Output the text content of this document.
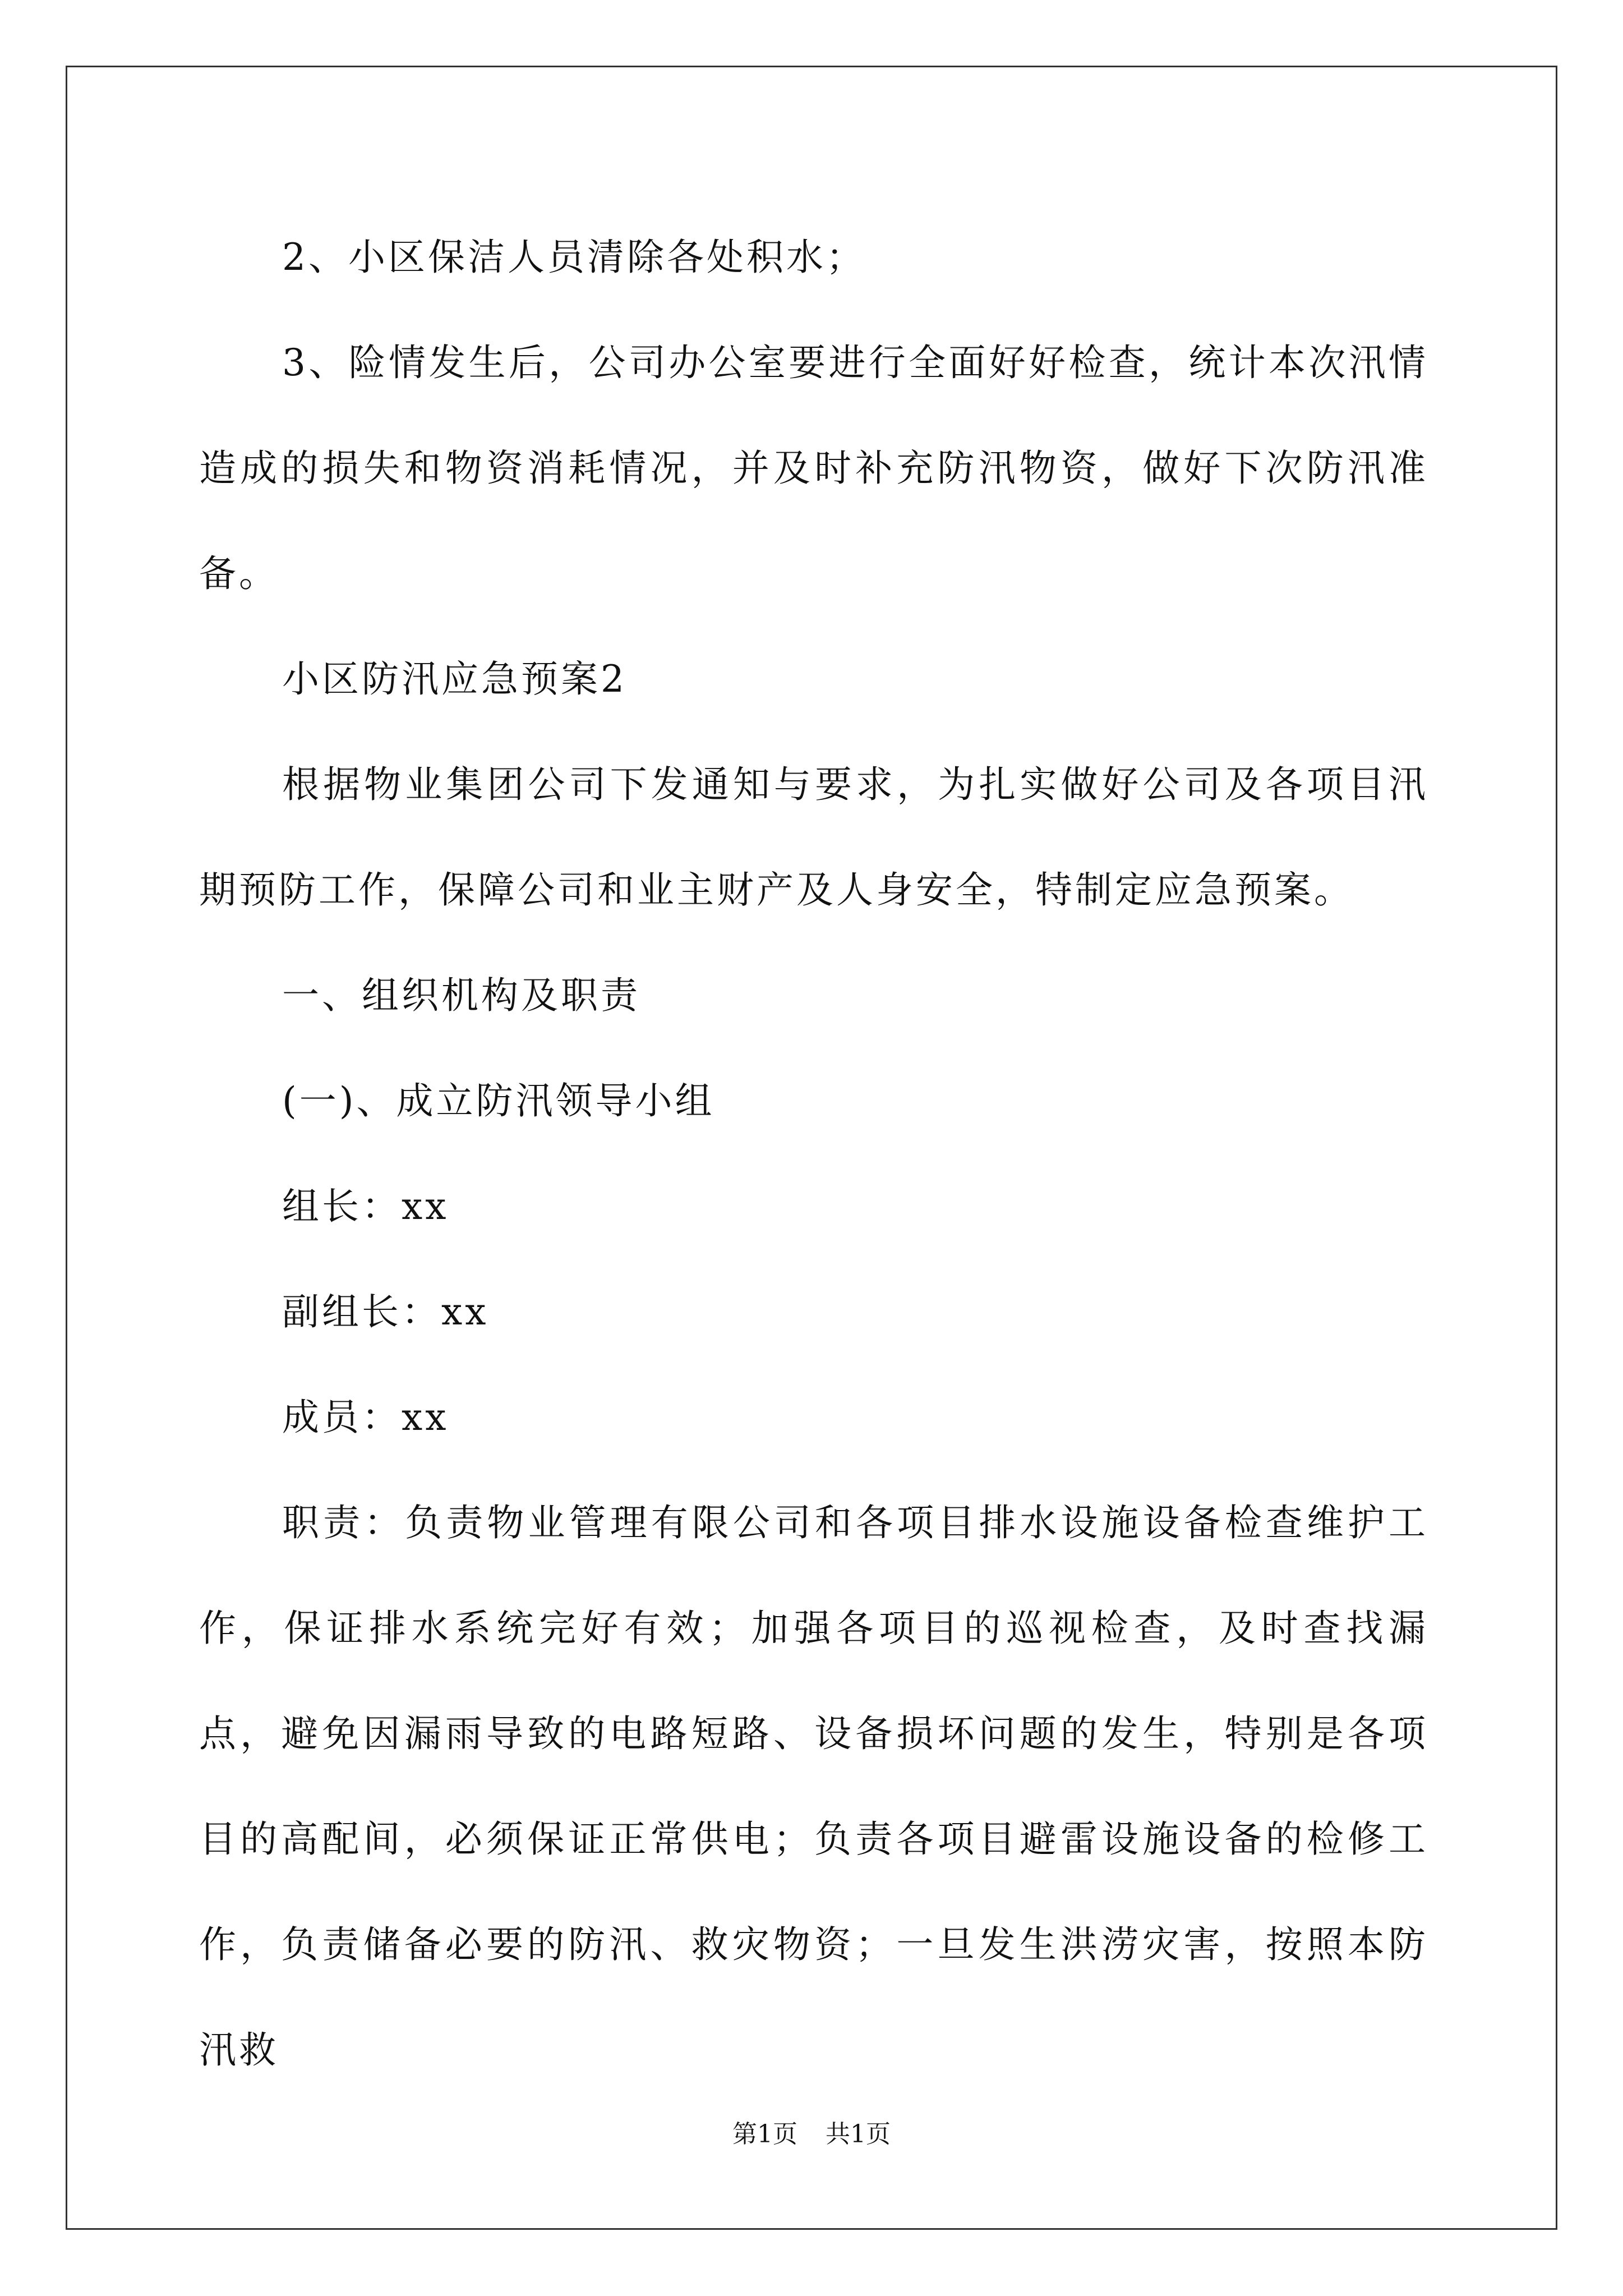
2、小区保洁人员清除各处积水；

3、险情发生后，公司办公室要进行全面好好检查，统计本次汛情造成的损失和物资消耗情况，并及时补充防汛物资，做好下次防汛准备。

小区防汛应急预案2

根据物业集团公司下发通知与要求，为扎实做好公司及各项目汛期预防工作，保障公司和业主财产及人身安全，特制定应急预案。

一、组织机构及职责

(一)、成立防汛领导小组

组长：xx

副组长：xx

成员：xx

职责：负责物业管理有限公司和各项目排水设施设备检查维护工作，保证排水系统完好有效；加强各项目的巡视检查，及时查找漏点，避免因漏雨导致的电路短路、设备损坏问题的发生，特别是各项目的高配间，必须保证正常供电；负责各项目避雷设施设备的检修工作，负责储备必要的防汛、救灾物资；一旦发生洪涝灾害，按照本防汛救

第1页 共1页
